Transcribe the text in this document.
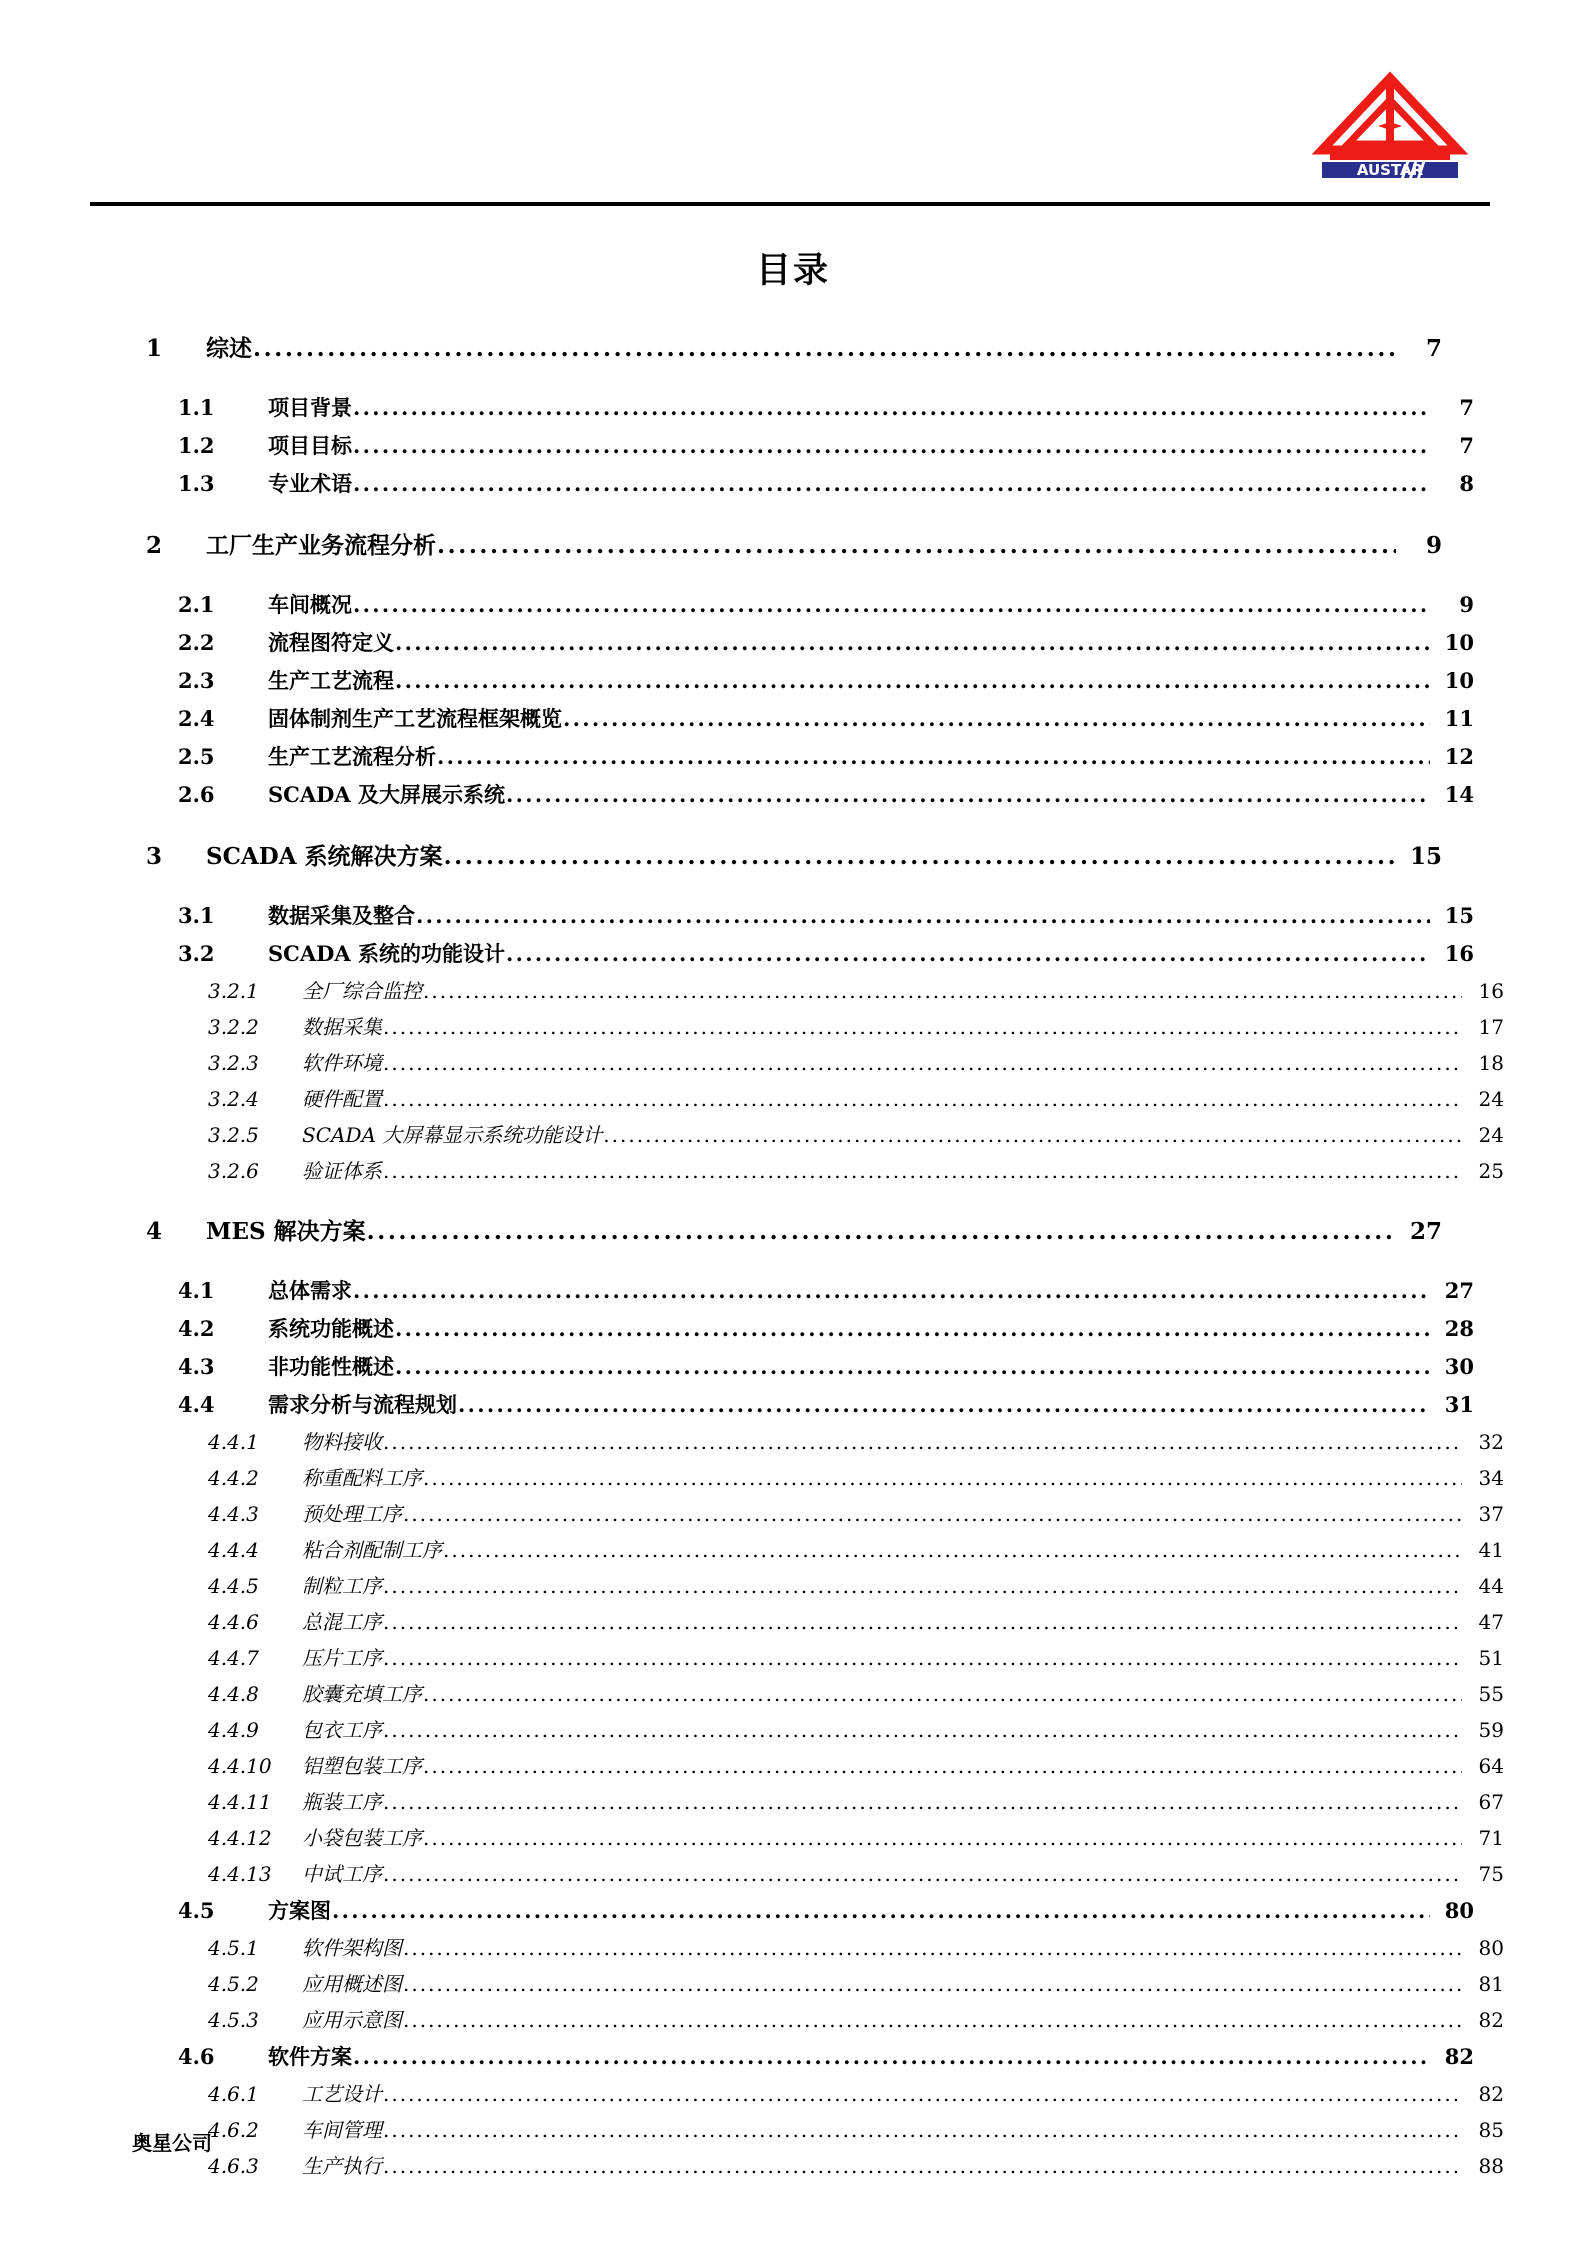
AUSTAR
目录
1	综述 .....	7
1.1	项目背景 .....	7
1.2	项目目标 .....	7
1.3	专业术语 .....	8
2	工厂生产业务流程分析 .....	9
2.1	车间概况 .....	9
2.2	流程图符定义 .....	10
2.3	生产工艺流程 .....	10
2.4	固体制剂生产工艺流程框架概览 .....	11
2.5	生产工艺流程分析 .....	12
2.6	SCADA 及大屏展示系统 .....	14
3	SCADA 系统解决方案 .....	15
3.1	数据采集及整合 .....	15
3.2	SCADA 系统的功能设计 .....	16
3.2.1	全厂综合监控 .....	16
3.2.2	数据采集 .....	17
3.2.3	软件环境 .....	18
3.2.4	硬件配置 .....	24
3.2.5	SCADA 大屏幕显示系统功能设计 .....	24
3.2.6	验证体系 .....	25
4	MES 解决方案 .....	27
4.1	总体需求 .....	27
4.2	系统功能概述 .....	28
4.3	非功能性概述 .....	30
4.4	需求分析与流程规划 .....	31
4.4.1	物料接收 .....	32
4.4.2	称重配料工序 .....	34
4.4.3	预处理工序 .....	37
4.4.4	粘合剂配制工序 .....	41
4.4.5	制粒工序 .....	44
4.4.6	总混工序 .....	47
4.4.7	压片工序 .....	51
4.4.8	胶囊充填工序 .....	55
4.4.9	包衣工序 .....	59
4.4.10	铝塑包装工序 .....	64
4.4.11	瓶装工序 .....	67
4.4.12	小袋包装工序 .....	71
4.4.13	中试工序 .....	75
4.5	方案图 .....	80
4.5.1	软件架构图 .....	80
4.5.2	应用概述图 .....	81
4.5.3	应用示意图 .....	82
4.6	软件方案 .....	82
4.6.1	工艺设计 .....	82
4.6.2	车间管理 .....	85
4.6.3	生产执行 .....	88
奥星公司
